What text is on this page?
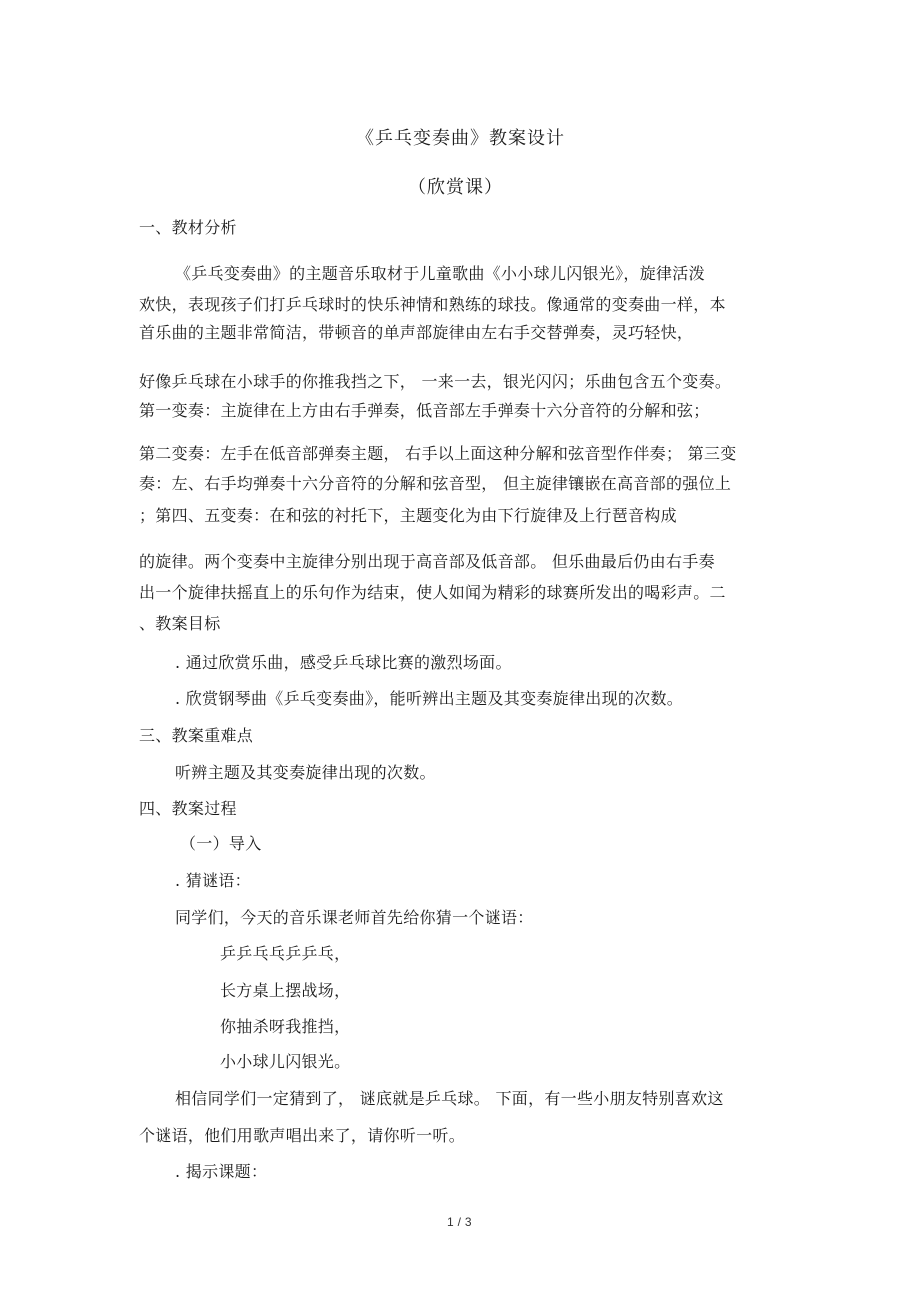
《乒乓变奏曲》教案设计
（欣赏课）
一、教材分析
《乒乓变奏曲》的主题音乐取材于儿童歌曲《小小球儿闪银光》，旋律活泼
欢快，表现孩子们打乒乓球时的快乐神情和熟练的球技。像通常的变奏曲一样，本
首乐曲的主题非常简洁，带顿音的单声部旋律由左右手交替弹奏，灵巧轻快，
好像乒乓球在小球手的你推我挡之下， 一来一去，银光闪闪；乐曲包含五个变奏。
第一变奏：主旋律在上方由右手弹奏，低音部左手弹奏十六分音符的分解和弦；
第二变奏：左手在低音部弹奏主题， 右手以上面这种分解和弦音型作伴奏； 第三变
奏：左、右手均弹奏十六分音符的分解和弦音型， 但主旋律镶嵌在高音部的强位上
；第四、五变奏：在和弦的衬托下，主题变化为由下行旋律及上行琶音构成
的旋律。两个变奏中主旋律分别出现于高音部及低音部。 但乐曲最后仍由右手奏
出一个旋律扶摇直上的乐句作为结束，使人如闻为精彩的球赛所发出的喝彩声。二
、教案目标
. 通过欣赏乐曲，感受乒乓球比赛的激烈场面。
. 欣赏钢琴曲《乒乓变奏曲》，能听辨出主题及其变奏旋律出现的次数。
三、教案重难点
听辨主题及其变奏旋律出现的次数。
四、教案过程
（一）导入
. 猜谜语：
同学们，今天的音乐课老师首先给你猜一个谜语：
乒乒乓乓乒乒乓，
长方桌上摆战场，
你抽杀呀我推挡，
小小球儿闪银光。
相信同学们一定猜到了， 谜底就是乒乓球。 下面，有一些小朋友特别喜欢这
个谜语，他们用歌声唱出来了，请你听一听。
. 揭示课题：
1 / 3
